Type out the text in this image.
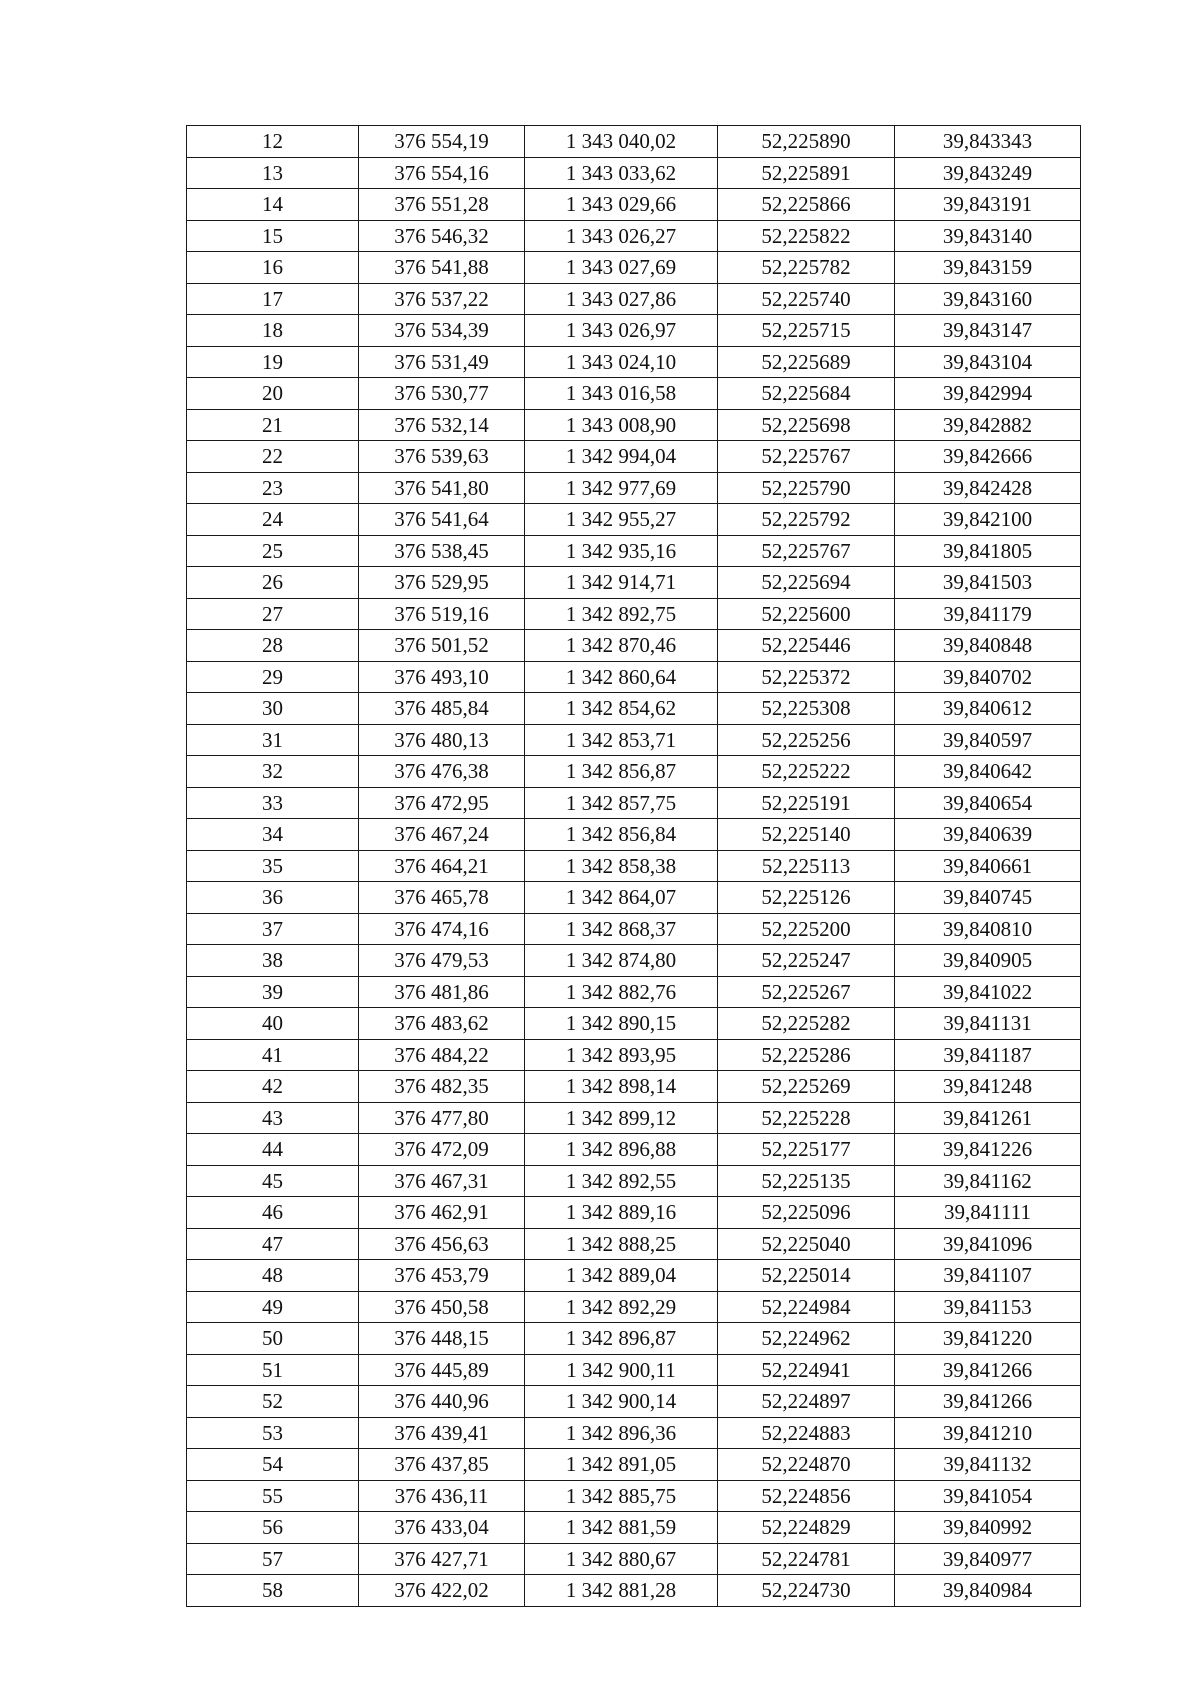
12	376 554,19	1 343 040,02	52,225890	39,843343
13	376 554,16	1 343 033,62	52,225891	39,843249
14	376 551,28	1 343 029,66	52,225866	39,843191
15	376 546,32	1 343 026,27	52,225822	39,843140
16	376 541,88	1 343 027,69	52,225782	39,843159
17	376 537,22	1 343 027,86	52,225740	39,843160
18	376 534,39	1 343 026,97	52,225715	39,843147
19	376 531,49	1 343 024,10	52,225689	39,843104
20	376 530,77	1 343 016,58	52,225684	39,842994
21	376 532,14	1 343 008,90	52,225698	39,842882
22	376 539,63	1 342 994,04	52,225767	39,842666
23	376 541,80	1 342 977,69	52,225790	39,842428
24	376 541,64	1 342 955,27	52,225792	39,842100
25	376 538,45	1 342 935,16	52,225767	39,841805
26	376 529,95	1 342 914,71	52,225694	39,841503
27	376 519,16	1 342 892,75	52,225600	39,841179
28	376 501,52	1 342 870,46	52,225446	39,840848
29	376 493,10	1 342 860,64	52,225372	39,840702
30	376 485,84	1 342 854,62	52,225308	39,840612
31	376 480,13	1 342 853,71	52,225256	39,840597
32	376 476,38	1 342 856,87	52,225222	39,840642
33	376 472,95	1 342 857,75	52,225191	39,840654
34	376 467,24	1 342 856,84	52,225140	39,840639
35	376 464,21	1 342 858,38	52,225113	39,840661
36	376 465,78	1 342 864,07	52,225126	39,840745
37	376 474,16	1 342 868,37	52,225200	39,840810
38	376 479,53	1 342 874,80	52,225247	39,840905
39	376 481,86	1 342 882,76	52,225267	39,841022
40	376 483,62	1 342 890,15	52,225282	39,841131
41	376 484,22	1 342 893,95	52,225286	39,841187
42	376 482,35	1 342 898,14	52,225269	39,841248
43	376 477,80	1 342 899,12	52,225228	39,841261
44	376 472,09	1 342 896,88	52,225177	39,841226
45	376 467,31	1 342 892,55	52,225135	39,841162
46	376 462,91	1 342 889,16	52,225096	39,841111
47	376 456,63	1 342 888,25	52,225040	39,841096
48	376 453,79	1 342 889,04	52,225014	39,841107
49	376 450,58	1 342 892,29	52,224984	39,841153
50	376 448,15	1 342 896,87	52,224962	39,841220
51	376 445,89	1 342 900,11	52,224941	39,841266
52	376 440,96	1 342 900,14	52,224897	39,841266
53	376 439,41	1 342 896,36	52,224883	39,841210
54	376 437,85	1 342 891,05	52,224870	39,841132
55	376 436,11	1 342 885,75	52,224856	39,841054
56	376 433,04	1 342 881,59	52,224829	39,840992
57	376 427,71	1 342 880,67	52,224781	39,840977
58	376 422,02	1 342 881,28	52,224730	39,840984
